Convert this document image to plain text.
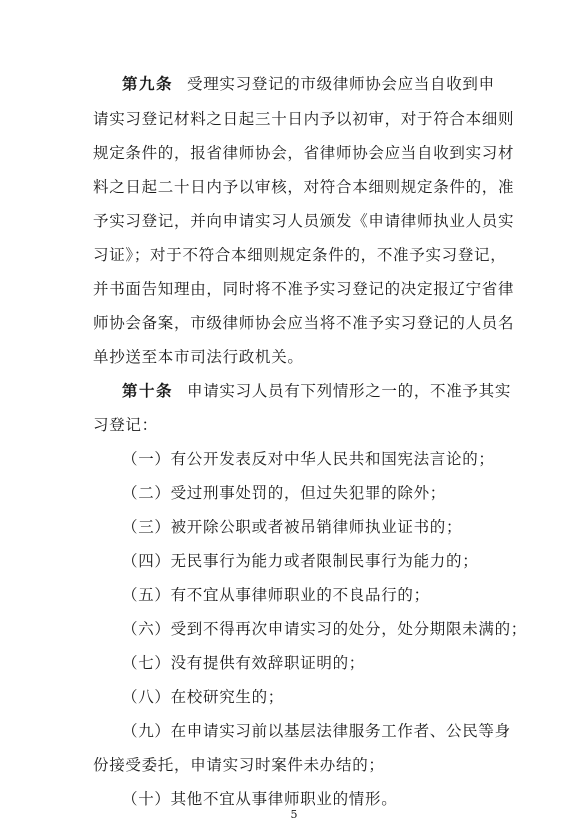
第九条 受理实习登记的市级律师协会应当自收到申
请实习登记材料之日起三十日内予以初审，对于符合本细则
规定条件的，报省律师协会，省律师协会应当自收到实习材
料之日起二十日内予以审核，对符合本细则规定条件的，准
予实习登记，并向申请实习人员颁发《申请律师执业人员实
习证》；对于不符合本细则规定条件的，不准予实习登记，
并书面告知理由，同时将不准予实习登记的决定报辽宁省律
师协会备案，市级律师协会应当将不准予实习登记的人员名
单抄送至本市司法行政机关。
第十条 申请实习人员有下列情形之一的，不准予其实
习登记：
（一）有公开发表反对中华人民共和国宪法言论的；
（二）受过刑事处罚的，但过失犯罪的除外；
（三）被开除公职或者被吊销律师执业证书的；
（四）无民事行为能力或者限制民事行为能力的；
（五）有不宜从事律师职业的不良品行的；
（六）受到不得再次申请实习的处分，处分期限未满的；
（七）没有提供有效辞职证明的；
（八）在校研究生的；
（九）在申请实习前以基层法律服务工作者、公民等身
份接受委托，申请实习时案件未办结的；
（十）其他不宜从事律师职业的情形。
5
